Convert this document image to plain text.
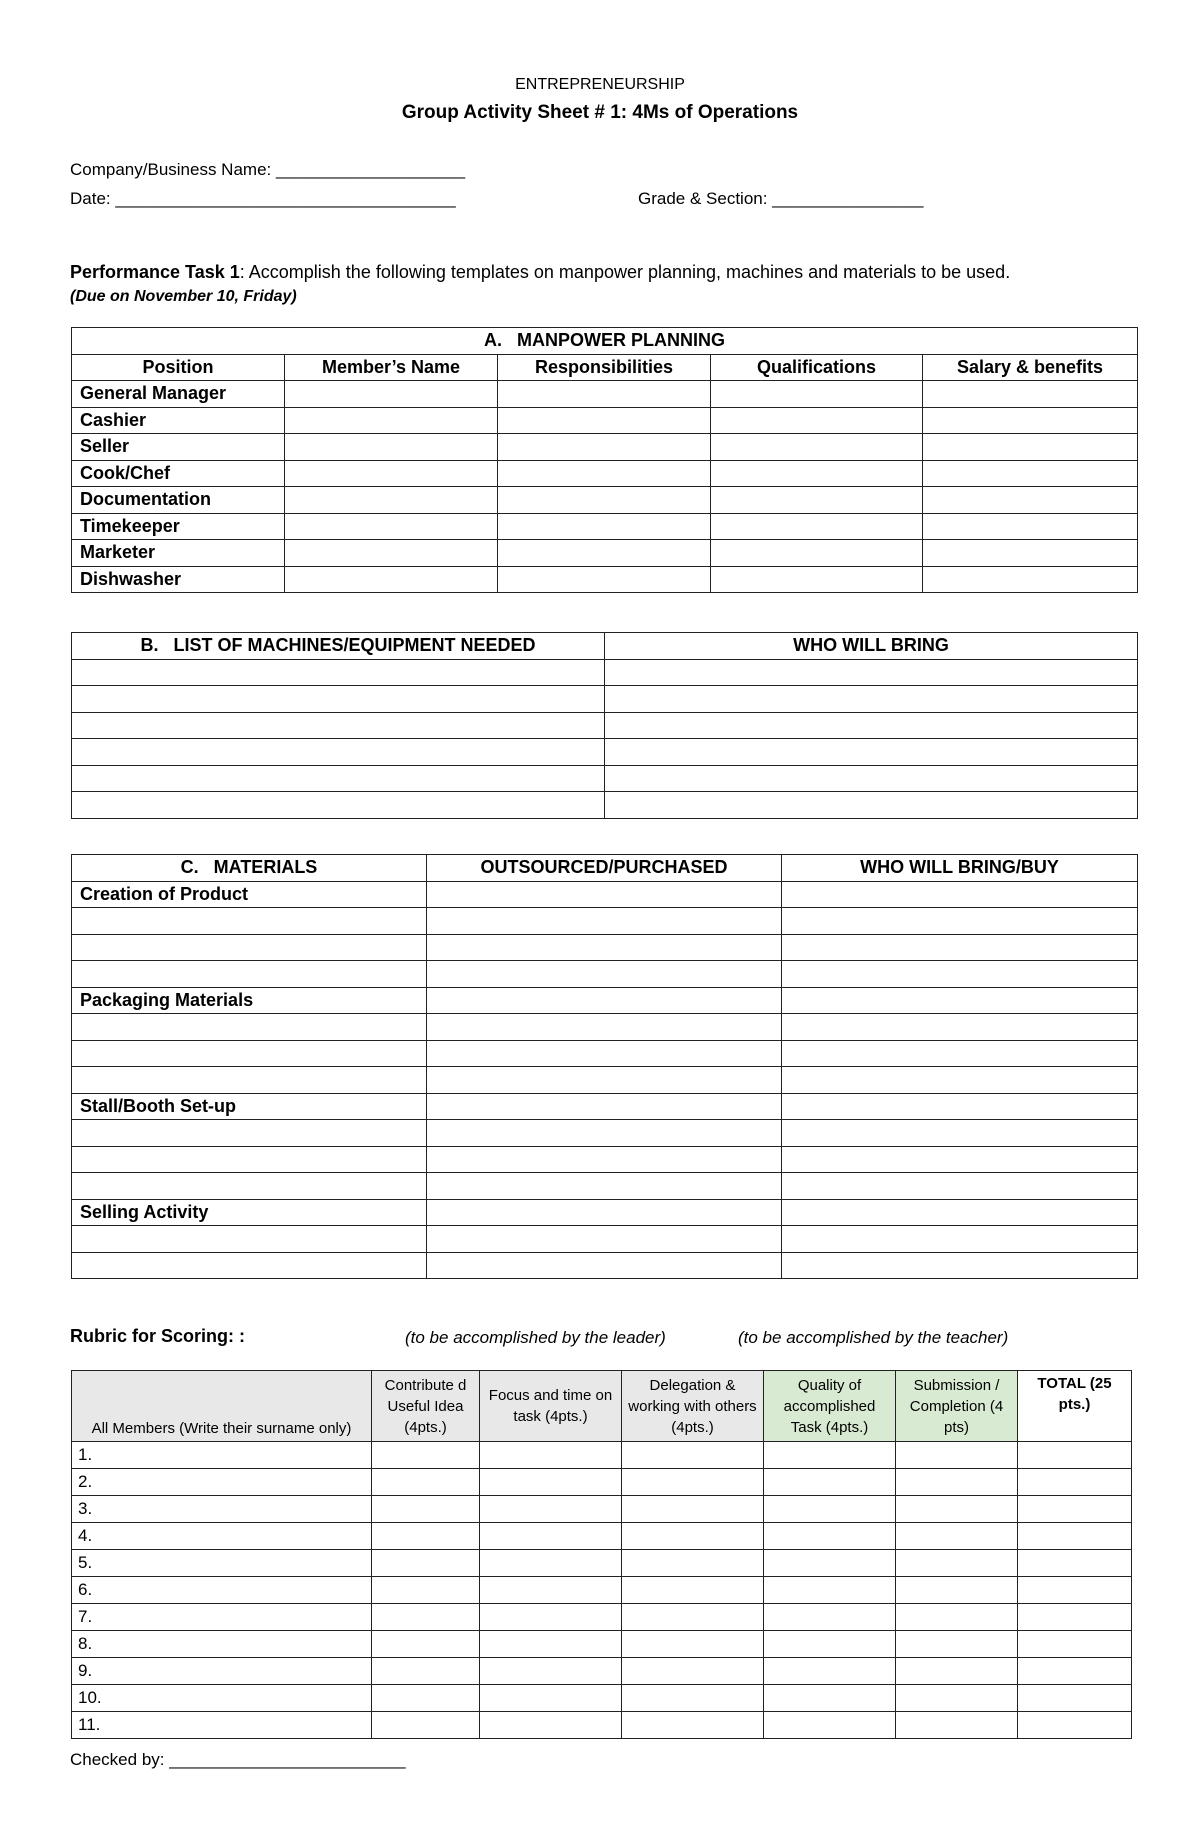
ENTREPRENEURSHIP
Group Activity Sheet # 1: 4Ms of Operations
Company/Business Name: ____________________
Date: ____________________________________	Grade & Section: ________________
Performance Task 1: Accomplish the following templates on manpower planning, machines and materials to be used.
(Due on November 10, Friday)
A.   MANPOWER PLANNING				
Position	Member’s Name	Responsibilities	Qualifications	Salary & benefits
General Manager				
Cashier				
Seller				
Cook/Chef				
Documentation				
Timekeeper				
Marketer				
Dishwasher				
B.   LIST OF MACHINES/EQUIPMENT NEEDED	WHO WILL BRING

C.   MATERIALS	OUTSOURCED/PURCHASED	WHO WILL BRING/BUY
Creation of Product		

Packaging Materials		

Stall/Booth Set-up		

Selling Activity		

Rubric for Scoring: :	(to be accomplished by the leader)	(to be accomplished by the teacher)
All Members (Write their surname only)	Contribute d Useful Idea (4pts.)	Focus and time on task (4pts.)	Delegation & working with others (4pts.)	Quality of accomplished Task (4pts.)	Submission / Completion (4 pts)	TOTAL (25 pts.)
1.						
2.						
3.						
4.						
5.						
6.						
7.						
8.						
9.						
10.						
11.						
Checked by: _________________________
